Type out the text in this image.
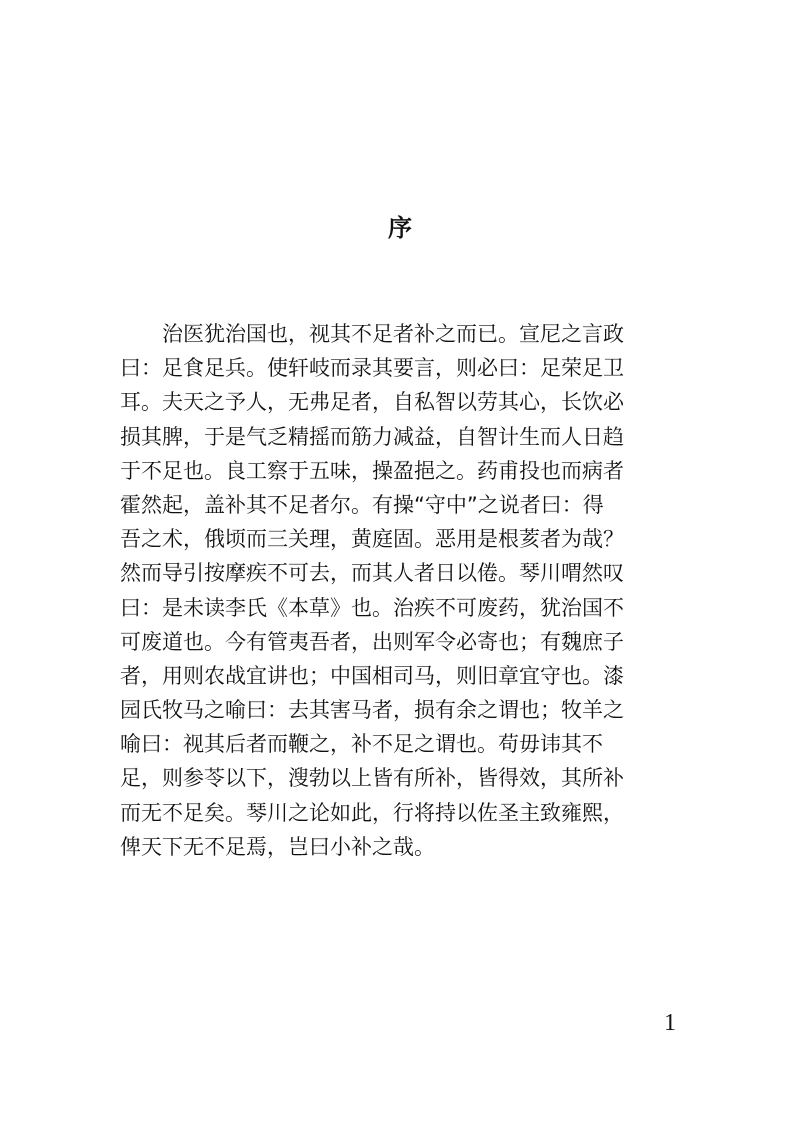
序
　　治医犹治国也，视其不足者补之而已。宣尼之言政
曰：足食足兵。使轩岐而录其要言，则必曰：足荣足卫
耳。夫天之予人，无弗足者，自私智以劳其心，长饮必
损其脾，于是气乏精摇而筋力减益，自智计生而人日趋
于不足也。良工察于五味，操盈挹之。药甫投也而病者
霍然起，盖补其不足者尔。有操“守中”之说者曰：得
吾之术，俄顷而三关理，黄庭固。恶用是根荄者为哉？
然而导引按摩疾不可去，而其人者日以倦。琴川喟然叹
曰：是未读李氏《本草》也。治疾不可废药，犹治国不
可废道也。今有管夷吾者，出则军令必寄也；有魏庶子
者，用则农战宜讲也；中国相司马，则旧章宜守也。漆
园氏牧马之喻曰：去其害马者，损有余之谓也；牧羊之
喻曰：视其后者而鞭之，补不足之谓也。苟毋讳其不
足，则参苓以下，溲勃以上皆有所补，皆得效，其所补
而无不足矣。琴川之论如此，行将持以佐圣主致雍熙，
俾天下无不足焉，岂曰小补之哉。
1
